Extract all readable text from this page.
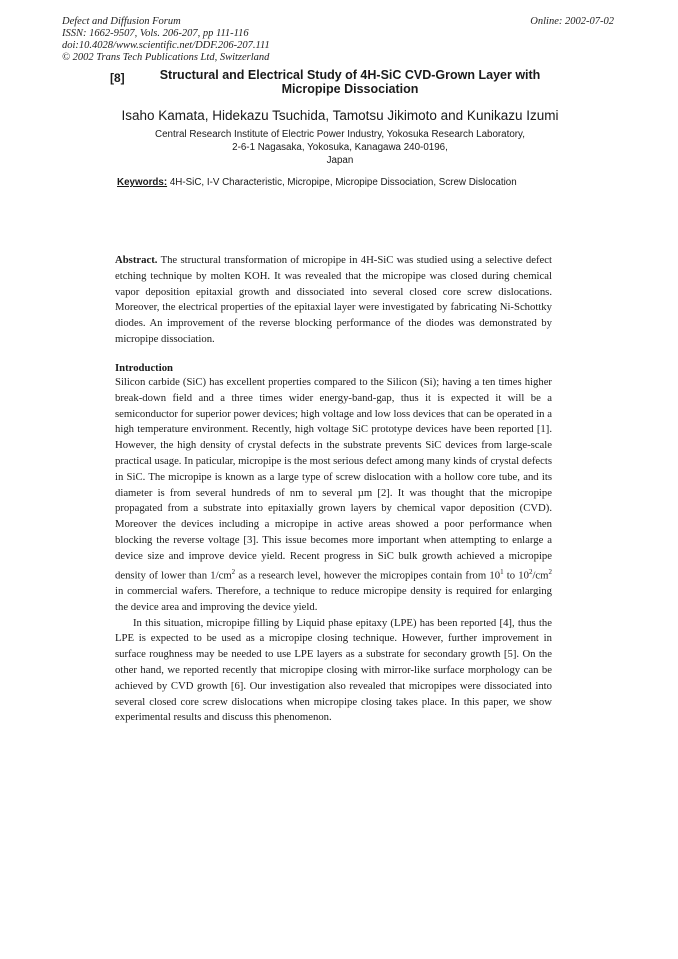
Defect and Diffusion Forum
ISSN: 1662-9507, Vols. 206-207, pp 111-116
doi:10.4028/www.scientific.net/DDF.206-207.111
© 2002 Trans Tech Publications Ltd, Switzerland
Online: 2002-07-02
[8]	Structural and Electrical Study of 4H-SiC CVD-Grown Layer with Micropipe Dissociation
Isaho Kamata, Hidekazu Tsuchida, Tamotsu Jikimoto and Kunikazu Izumi
Central Research Institute of Electric Power Industry, Yokosuka Research Laboratory,
2-6-1 Nagasaka, Yokosuka, Kanagawa 240-0196,
Japan
Keywords: 4H-SiC, I-V Characteristic, Micropipe, Micropipe Dissociation, Screw Dislocation

Abstract. The structural transformation of micropipe in 4H-SiC was studied using a selective defect etching technique by molten KOH. It was revealed that the micropipe was closed during chemical vapor deposition epitaxial growth and dissociated into several closed core screw dislocations. Moreover, the electrical properties of the epitaxial layer were investigated by fabricating Ni-Schottky diodes. An improvement of the reverse blocking performance of the diodes was demonstrated by micropipe dissociation.

Introduction

Silicon carbide (SiC) has excellent properties compared to the Silicon (Si); having a ten times higher break-down field and a three times wider energy-band-gap, thus it is expected it will be a semiconductor for superior power devices; high voltage and low loss devices that can be operated in a high temperature environment. Recently, high voltage SiC prototype devices have been reported [1]. However, the high density of crystal defects in the substrate prevents SiC devices from large-scale practical usage. In paticular, micropipe is the most serious defect among many kinds of crystal defects in SiC. The micropipe is known as a large type of screw dislocation with a hollow core tube, and its diameter is from several hundreds of nm to several µm [2]. It was thought that the micropipe propagated from a substrate into epitaxially grown layers by chemical vapor deposition (CVD). Moreover the devices including a micropipe in active areas showed a poor performance when blocking the reverse voltage [3]. This issue becomes more important when attempting to enlarge a device size and improve device yield. Recent progress in SiC bulk growth achieved a micropipe density of lower than $1/cm^2$ as a research level, however the micropipes contain from $10^1$ to $10^2/cm^2$ in commercial wafers. Therefore, a technique to reduce micropipe density is required for enlarging the device area and improving the device yield.

In this situation, micropipe filling by Liquid phase epitaxy (LPE) has been reported [4], thus the LPE is expected to be used as a micropipe closing technique. However, further improvement in surface roughness may be needed to use LPE layers as a substrate for secondary growth [5]. On the other hand, we reported recently that micropipe closing with mirror-like surface morphology can be achieved by CVD growth [6]. Our investigation also revealed that micropipes were dissociated into several closed core screw dislocations when micropipe closing takes place. In this paper, we show experimental results and discuss this phenomenon.
